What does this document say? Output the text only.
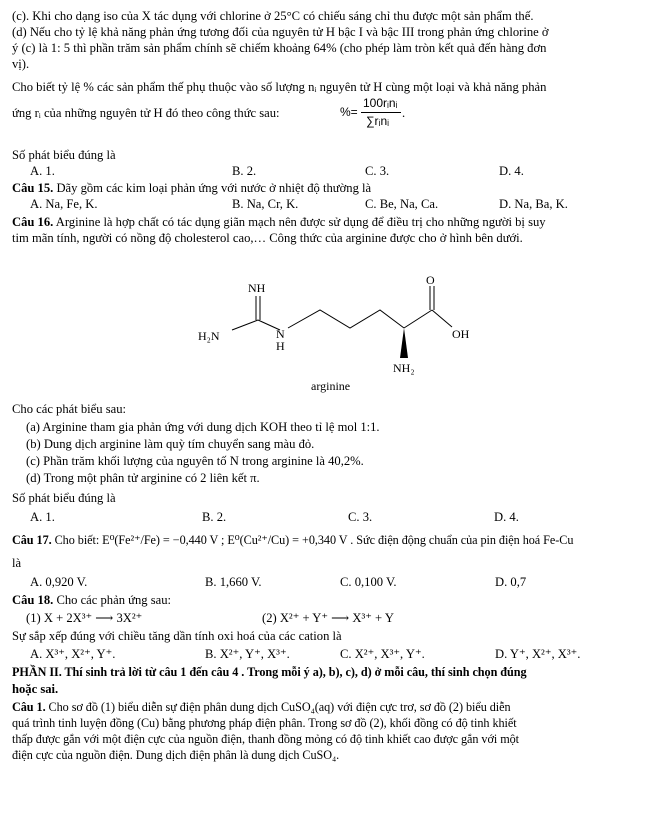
(c). Khi cho dạng iso của X tác dụng với chlorine ở 25°C có chiếu sáng chỉ thu được một sản phẩm thế.
(d) Nếu cho tỷ lệ khả năng phản ứng tương đối của nguyên tử H bậc I và bậc III trong phản ứng chlorine ở
ý (c) là 1: 5 thì phần trăm sản phẩm chính sẽ chiếm khoảng 64% (cho phép làm tròn kết quả đến hàng đơn
vị).
Cho biết tỷ lệ % các sản phẩm thế phụ thuộc vào số lượng nᵢ nguyên tử H cùng một loại và khả năng phản
ứng rᵢ của những nguyên tử H đó theo công thức sau:	%=
100rᵢnᵢ
∑rᵢnᵢ
.
Số phát biểu đúng là
A. 1.	B. 2.	C. 3.	D. 4.
Câu 15. Dãy gồm các kim loại phản ứng với nước ở nhiệt độ thường là
A. Na, Fe, K.	B. Na, Cr, K.	C. Be, Na, Ca.	D. Na, Ba, K.
Câu 16. Arginine là hợp chất có tác dụng giãn mạch nên được sử dụng để điều trị cho những người bị suy
tim mãn tính, người có nồng độ cholesterol cao,… Công thức của arginine được cho ở hình bên dưới.
NH
H₂N	N
H
O
OH
NH₂
arginine
Cho các phát biểu sau:
(a) Arginine tham gia phản ứng với dung dịch KOH theo tỉ lệ mol 1:1.
(b) Dung dịch arginine làm quỳ tím chuyển sang màu đỏ.
(c) Phần trăm khối lượng của nguyên tố N trong arginine là 40,2%.
(d) Trong một phân tử arginine có 2 liên kết π.
Số phát biểu đúng là
A. 1.	B. 2.	C. 3.	D. 4.
Câu 17. Cho biết: E⁰(Fe²⁺/Fe) = −0,440 V ; E⁰(Cu²⁺/Cu) = +0,340 V . Sức điện động chuẩn của pin điện hoá Fe-Cu
là
A. 0,920 V.	B. 1,660 V.	C. 0,100 V.	D. 0,7
Câu 18. Cho các phản ứng sau:
(1) X + 2X³⁺ ⟶ 3X²⁺	(2) X²⁺ + Y⁺ ⟶ X³⁺ + Y
Sự sắp xếp đúng với chiều tăng dần tính oxi hoá của các cation là
A. X³⁺, X²⁺, Y⁺.	B. X²⁺, Y⁺, X³⁺.	C. X²⁺, X³⁺, Y⁺.	D. Y⁺, X²⁺, X³⁺.
PHẦN II. Thí sinh trả lời từ câu 1 đến câu 4 . Trong mỗi ý a), b), c), d) ở mỗi câu, thí sinh chọn đúng
hoặc sai.
Câu 1. Cho sơ đồ (1) biểu diễn sự điện phân dung dịch CuSO₄(aq) với điện cực trơ, sơ đồ (2) biểu diễn
quá trình tinh luyện đồng (Cu) bằng phương pháp điện phân. Trong sơ đồ (2), khối đồng có độ tinh khiết
thấp được gắn với một điện cực của nguồn điện, thanh đồng mỏng có độ tinh khiết cao được gắn với một
điện cực của nguồn điện. Dung dịch điện phân là dung dịch CuSO₄.
